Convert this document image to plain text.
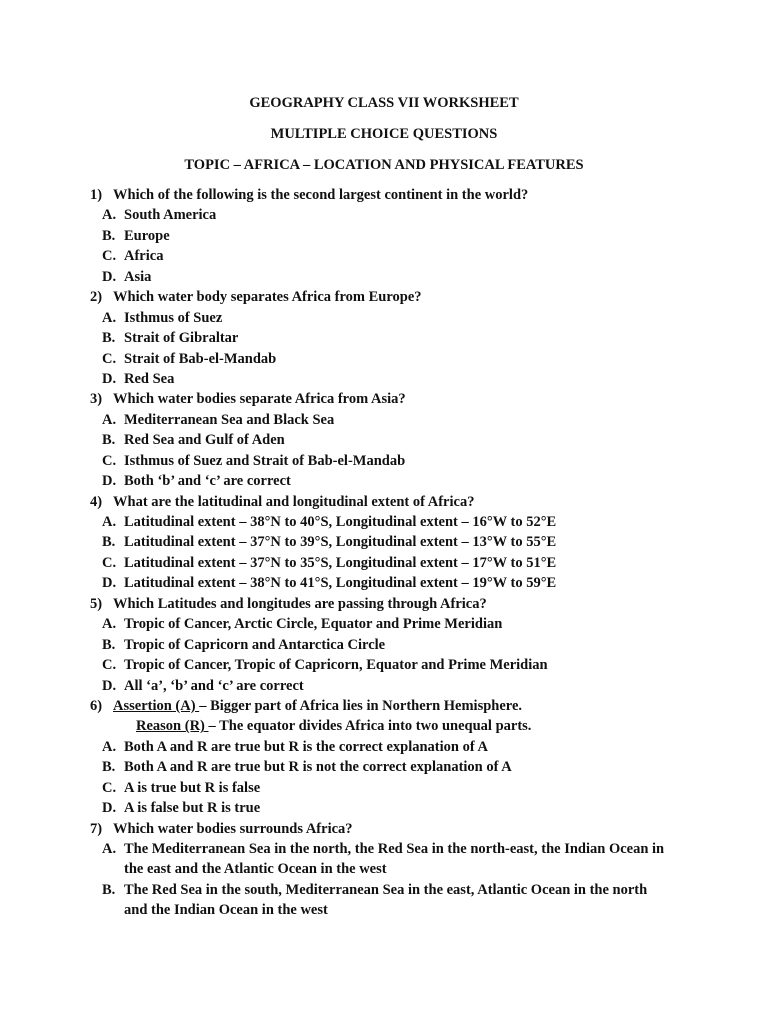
GEOGRAPHY CLASS VII WORKSHEET
MULTIPLE CHOICE QUESTIONS
TOPIC – AFRICA – LOCATION AND PHYSICAL FEATURES
1) Which of the following is the second largest continent in the world?
A. South America
B. Europe
C. Africa
D. Asia
2) Which water body separates Africa from Europe?
A. Isthmus of Suez
B. Strait of Gibraltar
C. Strait of Bab-el-Mandab
D. Red Sea
3) Which water bodies separate Africa from Asia?
A. Mediterranean Sea and Black Sea
B. Red Sea and Gulf of Aden
C. Isthmus of Suez and Strait of Bab-el-Mandab
D. Both ‘b’ and ‘c’ are correct
4) What are the latitudinal and longitudinal extent of Africa?
A. Latitudinal extent – 38°N to 40°S, Longitudinal extent – 16°W to 52°E
B. Latitudinal extent – 37°N to 39°S, Longitudinal extent – 13°W to 55°E
C. Latitudinal extent – 37°N to 35°S, Longitudinal extent – 17°W to 51°E
D. Latitudinal extent – 38°N to 41°S, Longitudinal extent – 19°W to 59°E
5) Which Latitudes and longitudes are passing through Africa?
A. Tropic of Cancer, Arctic Circle, Equator and Prime Meridian
B. Tropic of Capricorn and Antarctica Circle
C. Tropic of Cancer, Tropic of Capricorn, Equator and Prime Meridian
D. All ‘a’, ‘b’ and ‘c’ are correct
6) Assertion (A) – Bigger part of Africa lies in Northern Hemisphere.
Reason (R) – The equator divides Africa into two unequal parts.
A. Both A and R are true but R is the correct explanation of A
B. Both A and R are true but R is not the correct explanation of A
C. A is true but R is false
D. A is false but R is true
7) Which water bodies surrounds Africa?
A. The Mediterranean Sea in the north, the Red Sea in the north-east, the Indian Ocean in the east and the Atlantic Ocean in the west
B. The Red Sea in the south, Mediterranean Sea in the east, Atlantic Ocean in the north and the Indian Ocean in the west
